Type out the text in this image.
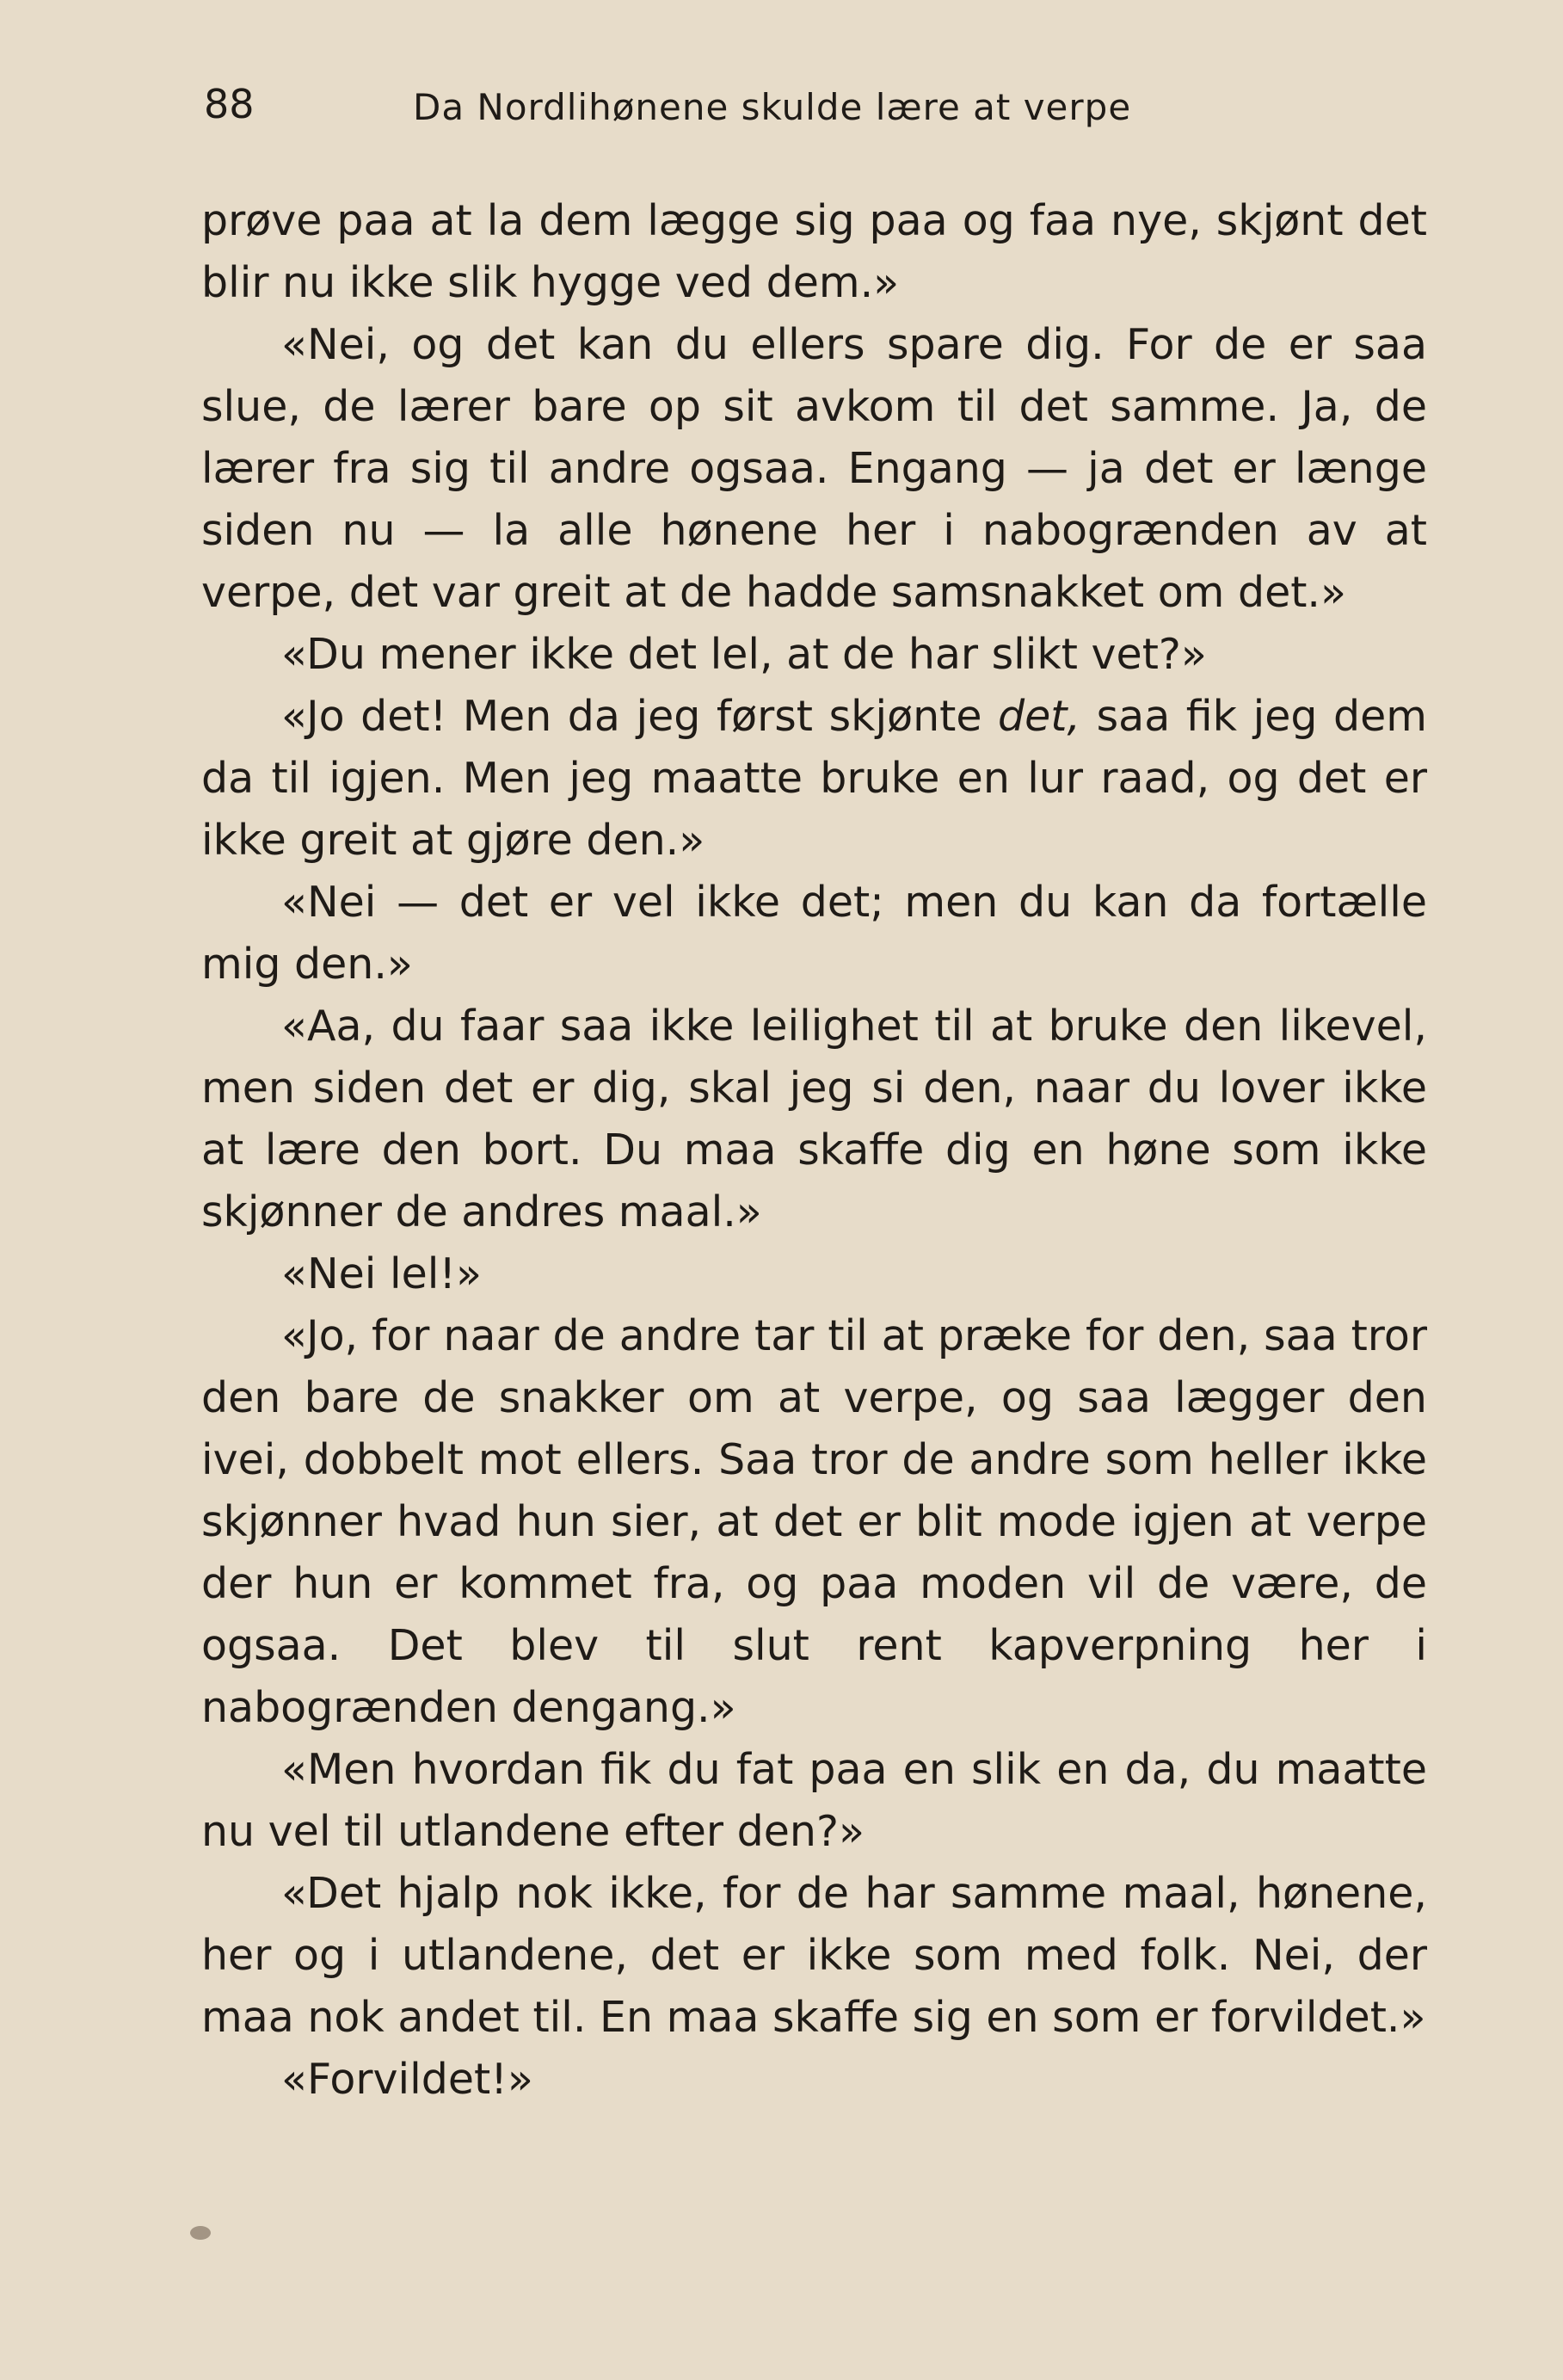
88	Da Nordlihønene skulde lære at verpe

prøve paa at la dem lægge sig paa og faa nye, skjønt det blir nu ikke slik hygge ved dem.»

«Nei, og det kan du ellers spare dig. For de er saa slue, de lærer bare op sit avkom til det samme. Ja, de lærer fra sig til andre ogsaa. Engang — ja det er længe siden nu — la alle hønene her i nabogrænden av at verpe, det var greit at de hadde samsnakket om det.»

«Du mener ikke det lel, at de har slikt vet?»

«Jo det! Men da jeg først skjønte det, saa fik jeg dem da til igjen. Men jeg maatte bruke en lur raad, og det er ikke greit at gjøre den.»

«Nei — det er vel ikke det; men du kan da fortælle mig den.»

«Aa, du faar saa ikke leilighet til at bruke den likevel, men siden det er dig, skal jeg si den, naar du lover ikke at lære den bort. Du maa skaffe dig en høne som ikke skjønner de andres maal.»

«Nei lel!»

«Jo, for naar de andre tar til at præke for den, saa tror den bare de snakker om at verpe, og saa lægger den ivei, dobbelt mot ellers. Saa tror de andre som heller ikke skjønner hvad hun sier, at det er blit mode igjen at verpe der hun er kommet fra, og paa moden vil de være, de ogsaa. Det blev til slut rent kapverpning her i nabogrænden dengang.»

«Men hvordan fik du fat paa en slik en da, du maatte nu vel til utlandene efter den?»

«Det hjalp nok ikke, for de har samme maal, hønene, her og i utlandene, det er ikke som med folk. Nei, der maa nok andet til. En maa skaffe sig en som er forvildet.»

«Forvildet!»
